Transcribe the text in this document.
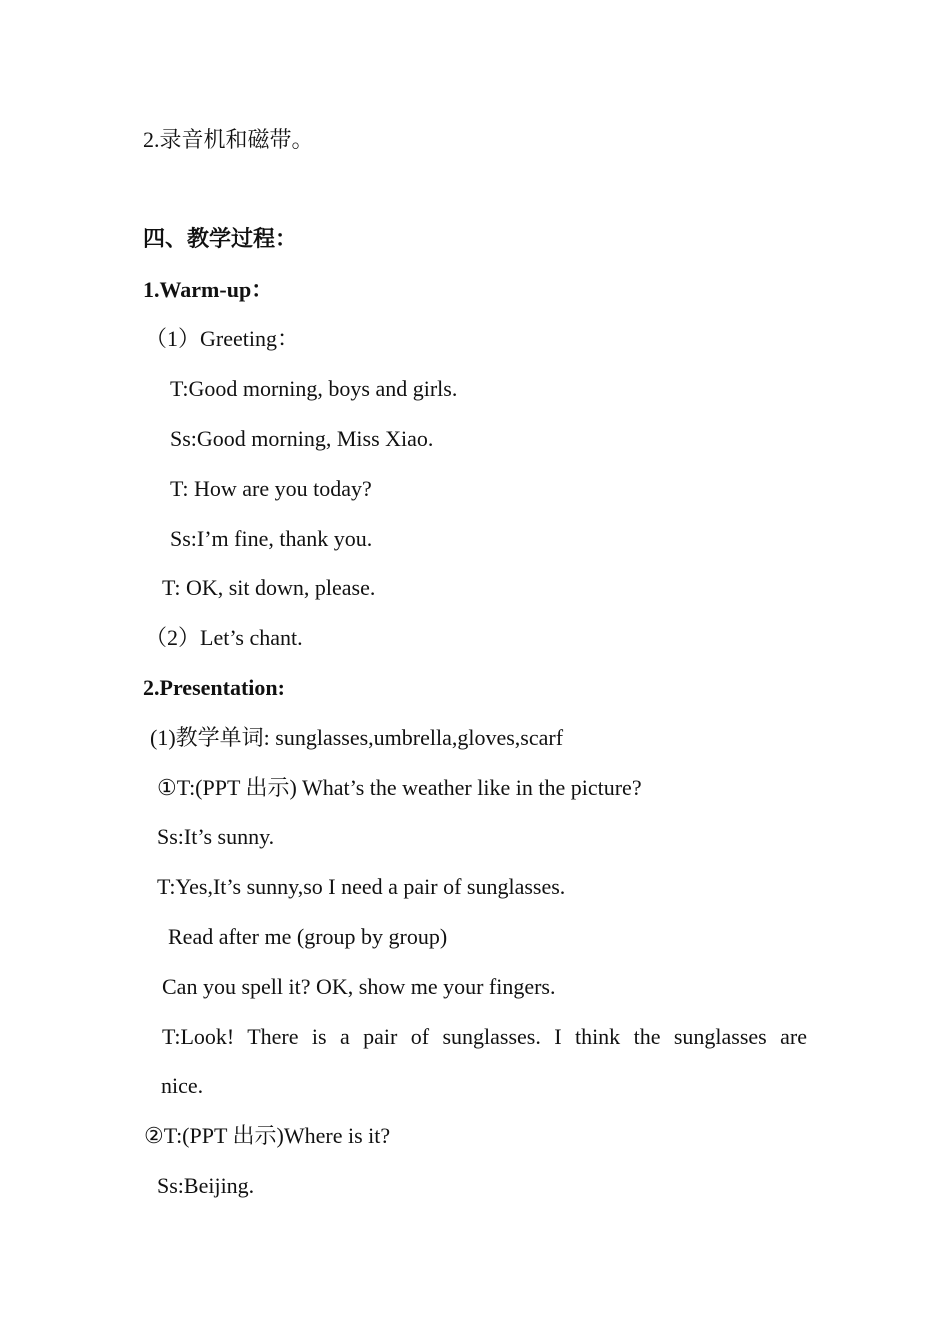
2.录音机和磁带。
四、教学过程：
1.Warm-up：
（1）Greeting：
T:Good morning, boys and girls.
Ss:Good morning, Miss Xiao.
T: How are you today?
Ss:I’m fine, thank you.
T: OK, sit down, please.
（2）Let’s chant.
2.Presentation:
(1)教学单词: sunglasses,umbrella,gloves,scarf
①T:(PPT 出示) What’s the weather like in the picture?
Ss:It’s sunny.
T:Yes,It’s sunny,so I need a pair of sunglasses.
Read after me (group by group)
Can you spell it? OK, show me your fingers.
T:Look! There is a pair of sunglasses. I think the sunglasses are
nice.
②T:(PPT 出示)Where is it?
Ss:Beijing.
